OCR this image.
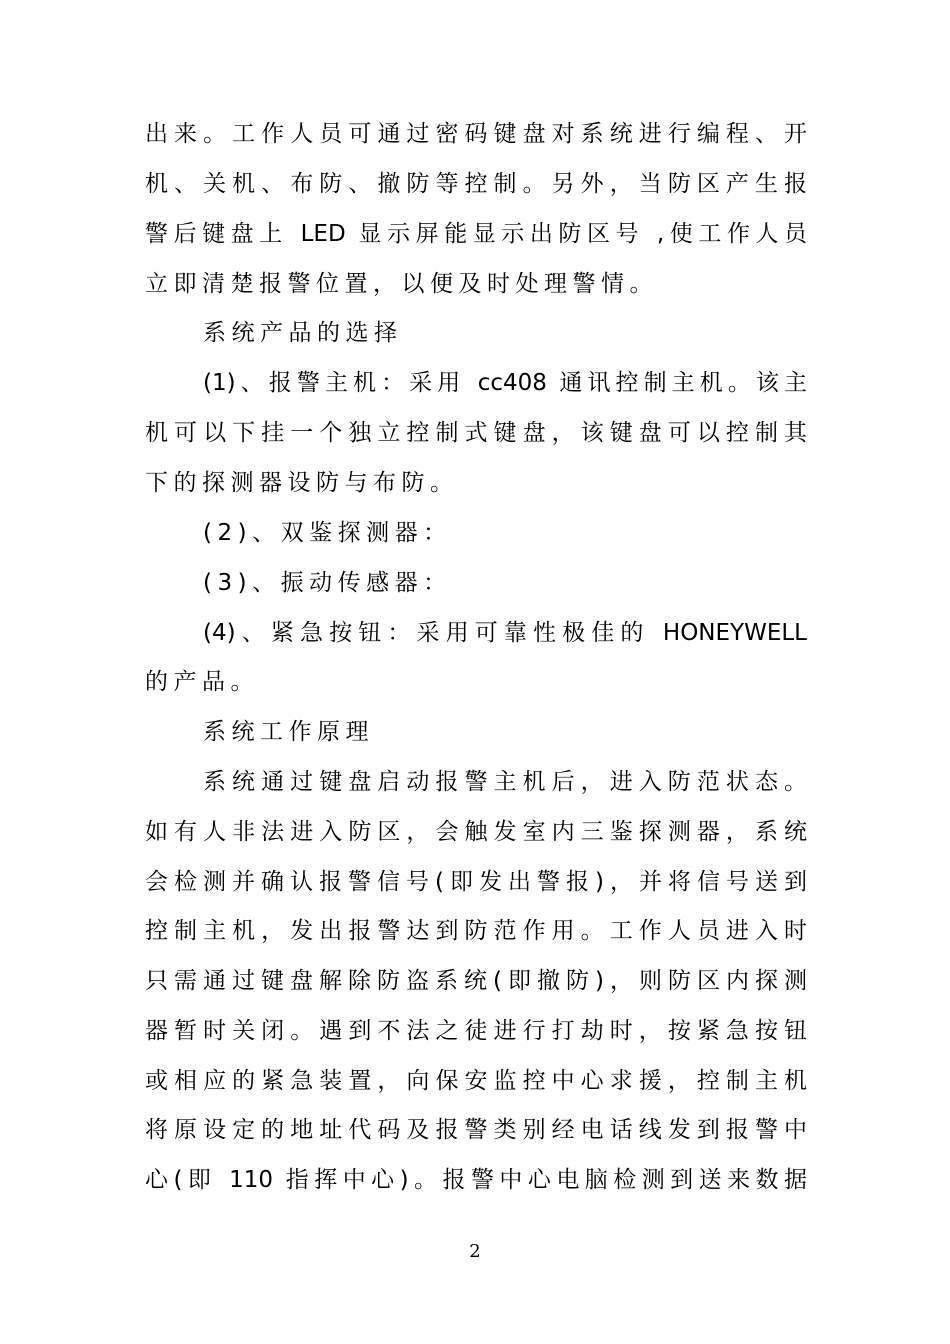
出来。工作人员可通过密码键盘对系统进行编程、开
机、关机、布防、撤防等控制。另外，当防区产生报
警后键盘上 LED 显示屏能显示出防区号 ,使工作人员
立即清楚报警位置，以便及时处理警情。
系统产品的选择
(1)、报警主机：采用 cc408 通讯控制主机。该主
机可以下挂一个独立控制式键盘，该键盘可以控制其
下的探测器设防与布防。
(2)、双鉴探测器：
(3)、振动传感器：
(4)、紧急按钮：采用可靠性极佳的 HONEYWELL
的产品。
系统工作原理
系统通过键盘启动报警主机后，进入防范状态。
如有人非法进入防区，会触发室内三鉴探测器，系统
会检测并确认报警信号(即发出警报)，并将信号送到
控制主机，发出报警达到防范作用。工作人员进入时
只需通过键盘解除防盗系统(即撤防)，则防区内探测
器暂时关闭。遇到不法之徒进行打劫时，按紧急按钮
或相应的紧急装置，向保安监控中心求援，控制主机
将原设定的地址代码及报警类别经电话线发到报警中
心(即 110 指挥中心)。报警中心电脑检测到送来数据
2
